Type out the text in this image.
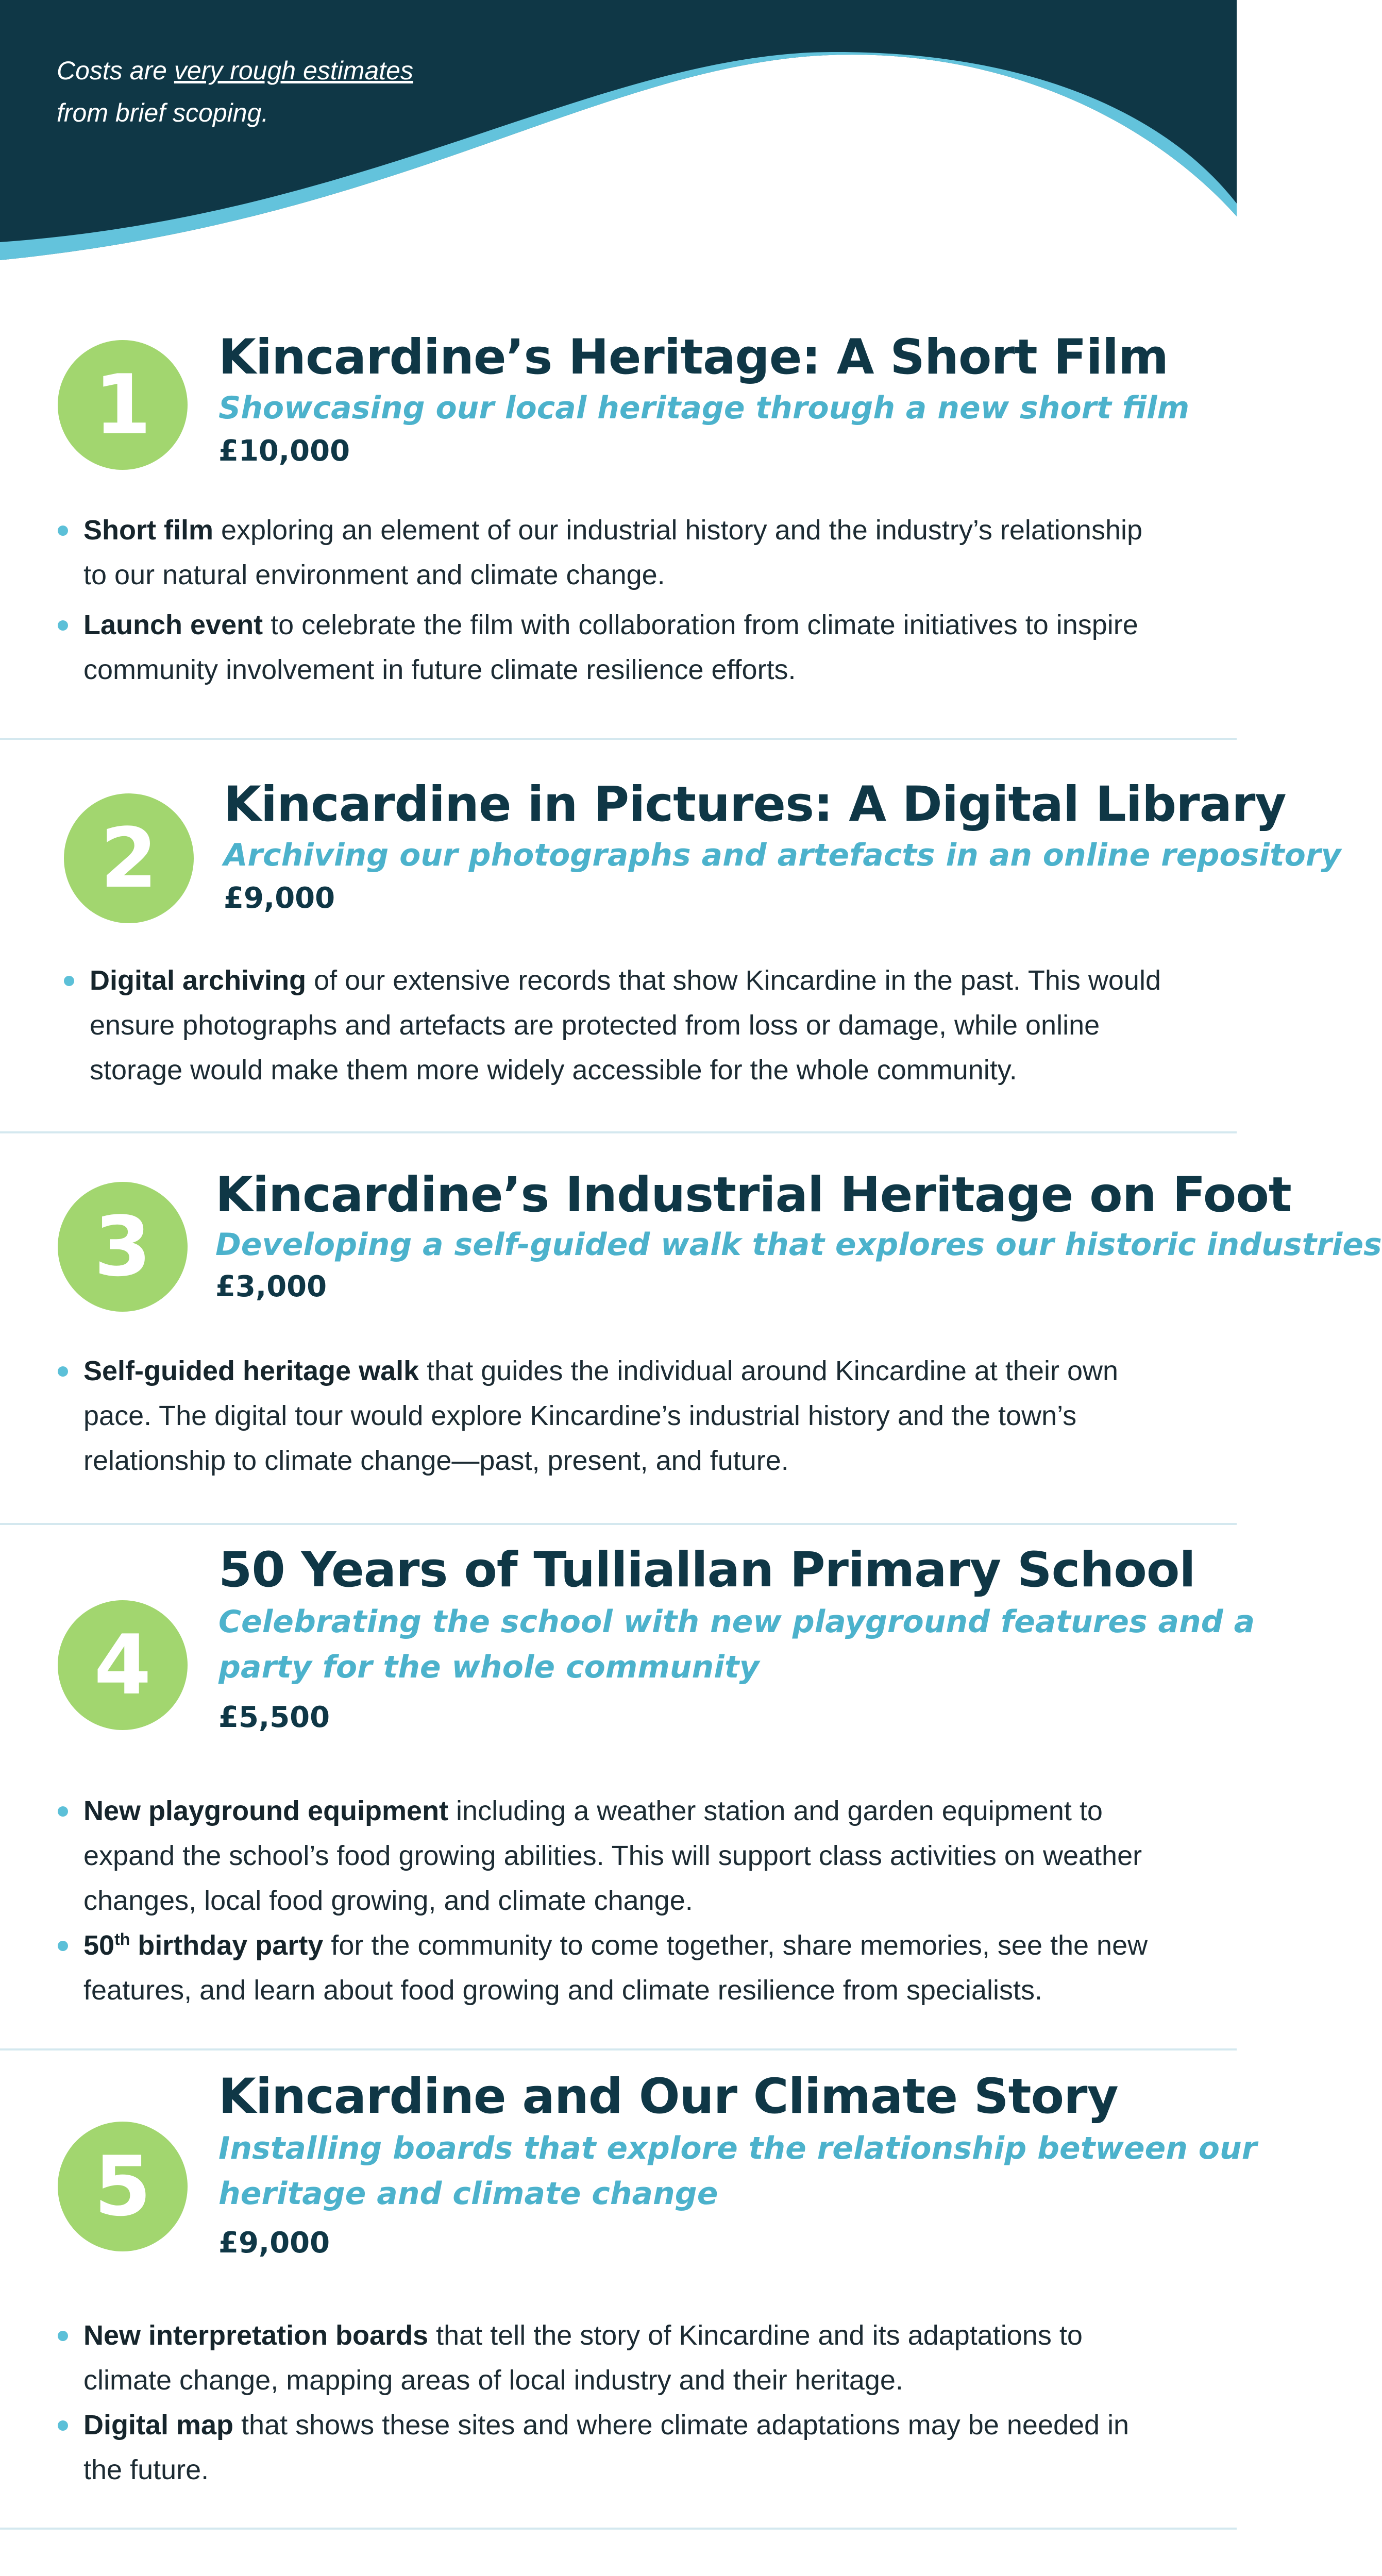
Costs are very rough estimates
from brief scoping.
1	Kincardine’s Heritage: A Short Film
Showcasing our local heritage through a new short film
£10,000
Short film exploring an element of our industrial history and the industry’s relationship to our natural environment and climate change.
Launch event to celebrate the film with collaboration from climate initiatives to inspire community involvement in future climate resilience efforts.
2
Kincardine in Pictures: A Digital Library
Archiving our photographs and artefacts in an online repository
£9,000
Digital archiving of our extensive records that show Kincardine in the past. This would ensure photographs and artefacts are protected from loss or damage, while online storage would make them more widely accessible for the whole community.
3
Kincardine’s Industrial Heritage on Foot
Developing a self-guided walk that explores our historic industries
£3,000
Self-guided heritage walk that guides the individual around Kincardine at their own pace. The digital tour would explore Kincardine’s industrial history and the town’s relationship to climate change—past, present, and future.
4
50 Years of Tulliallan Primary School
Celebrating the school with new playground features and a
party for the whole community
£5,500
New playground equipment including a weather station and garden equipment to expand the school’s food growing abilities. This will support class activities on weather changes, local food growing, and climate change.
50th birthday party for the community to come together, share memories, see the new features, and learn about food growing and climate resilience from specialists.
5
Kincardine and Our Climate Story
Installing boards that explore the relationship between our
heritage and climate change
£9,000
New interpretation boards that tell the story of Kincardine and its adaptations to climate change, mapping areas of local industry and their heritage.
Digital map that shows these sites and where climate adaptations may be needed in the future.
